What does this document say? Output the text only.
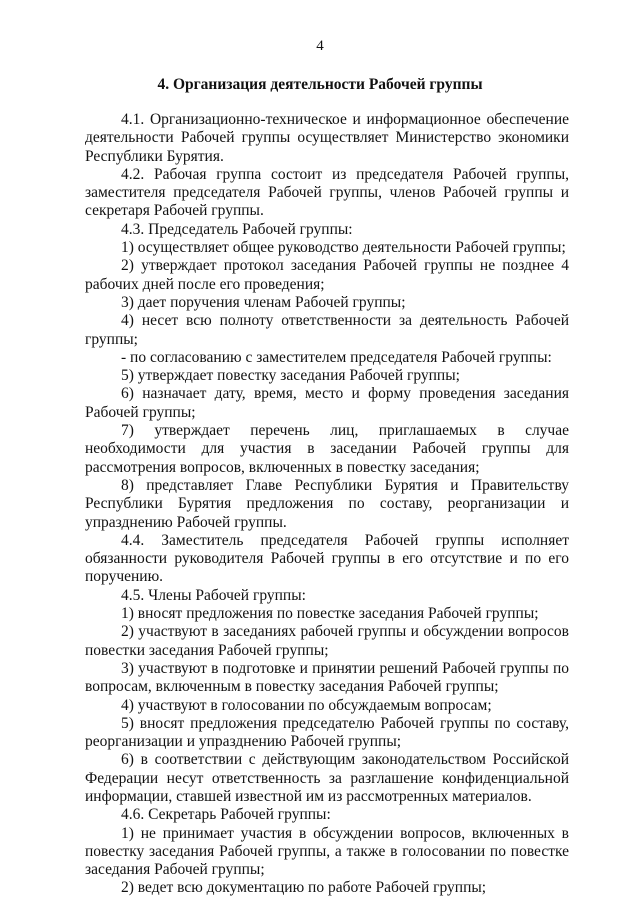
4
4. Организация деятельности Рабочей группы

4.1. Организационно-техническое и информационное обеспечение деятельности Рабочей группы осуществляет Министерство экономики Республики Бурятия.

4.2. Рабочая группа состоит из председателя Рабочей группы, заместителя председателя Рабочей группы, членов Рабочей группы и секретаря Рабочей группы.

4.3. Председатель Рабочей группы:

1) осуществляет общее руководство деятельности Рабочей группы;

2) утверждает протокол заседания Рабочей группы не позднее 4 рабочих дней после его проведения;

3) дает поручения членам Рабочей группы;

4) несет всю полноту ответственности за деятельность Рабочей группы;

- по согласованию с заместителем председателя Рабочей группы:

5) утверждает повестку заседания Рабочей группы;

6) назначает дату, время, место и форму проведения заседания Рабочей группы;

7) утверждает перечень лиц, приглашаемых в случае необходимости для участия в заседании Рабочей группы для рассмотрения вопросов, включенных в повестку заседания;

8) представляет Главе Республики Бурятия и Правительству Республики Бурятия предложения по составу, реорганизации и упразднению Рабочей группы.

4.4. Заместитель председателя Рабочей группы исполняет обязанности руководителя Рабочей группы в его отсутствие и по его поручению.

4.5. Члены Рабочей группы:

1) вносят предложения по повестке заседания Рабочей группы;

2) участвуют в заседаниях рабочей группы и обсуждении вопросов повестки заседания Рабочей группы;

3) участвуют в подготовке и принятии решений Рабочей группы по вопросам, включенным в повестку заседания Рабочей группы;

4) участвуют в голосовании по обсуждаемым вопросам;

5) вносят предложения председателю Рабочей группы по составу, реорганизации и упразднению Рабочей группы;

6) в соответствии с действующим законодательством Российской Федерации несут ответственность за разглашение конфиденциальной информации, ставшей известной им из рассмотренных материалов.

4.6. Секретарь Рабочей группы:

1) не принимает участия в обсуждении вопросов, включенных в повестку заседания Рабочей группы, а также в голосовании по повестке заседания Рабочей группы;

2) ведет всю документацию по работе Рабочей группы;
